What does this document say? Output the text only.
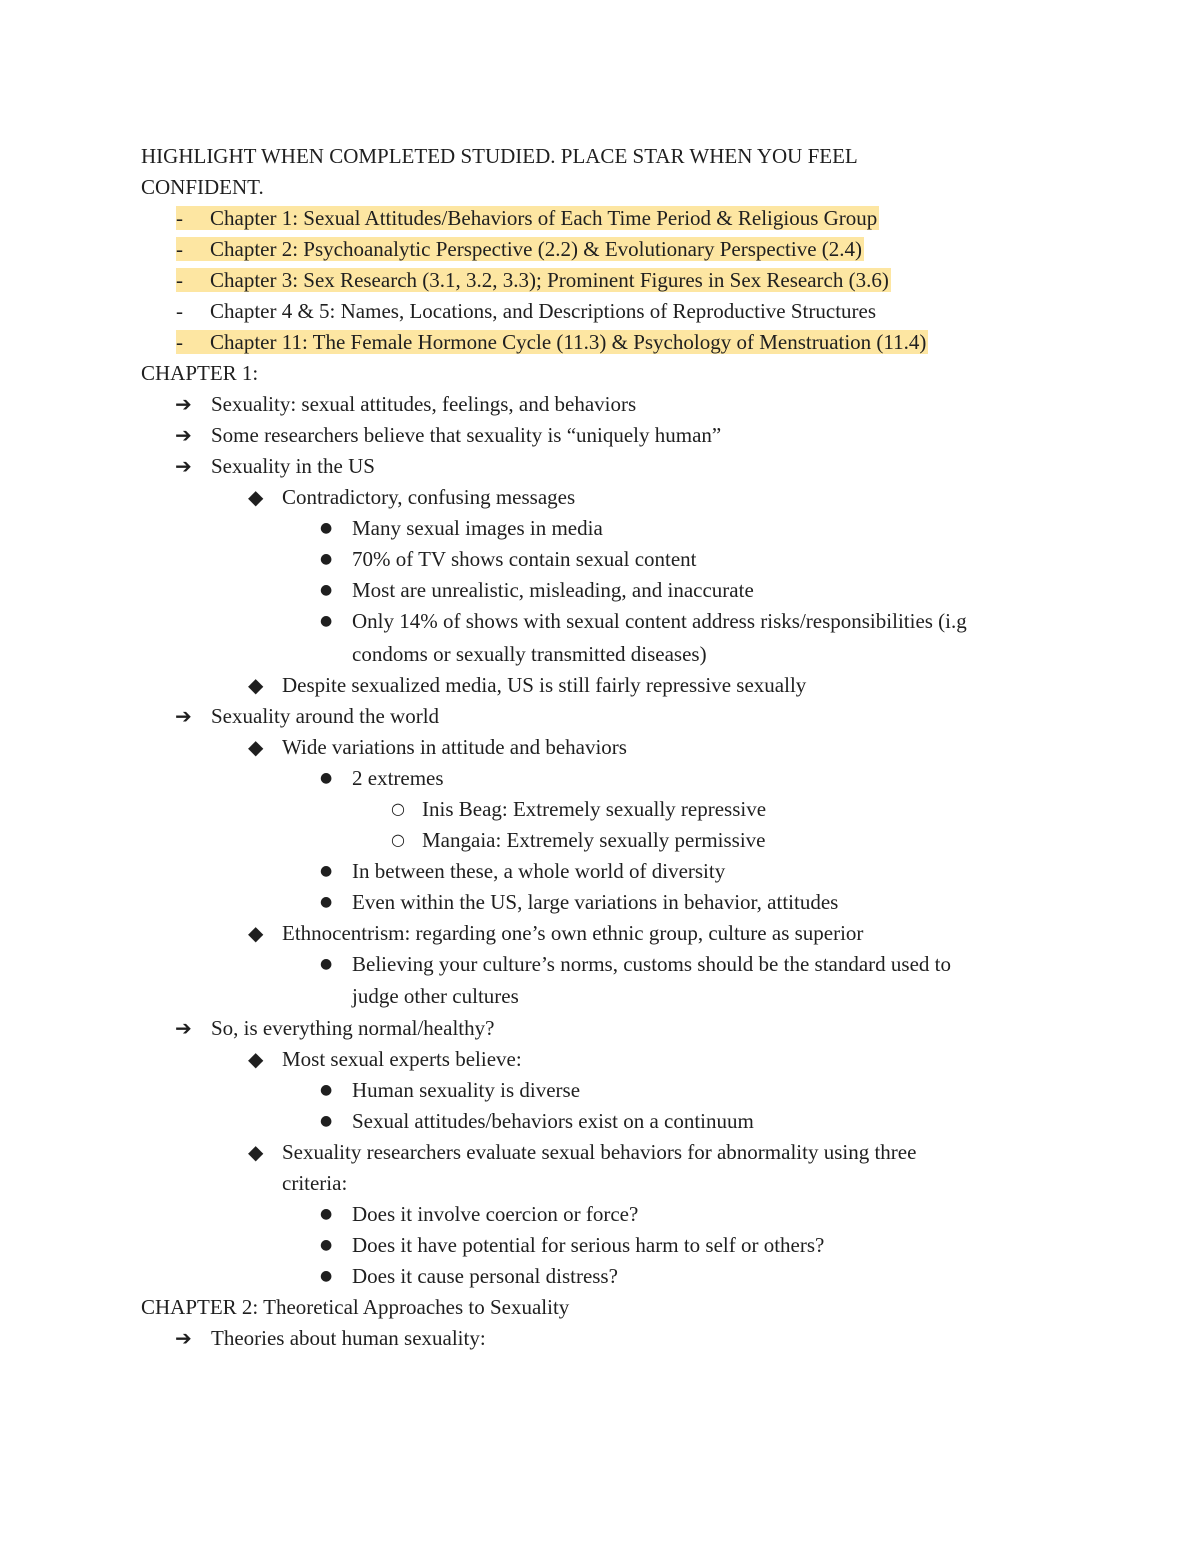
HIGHLIGHT WHEN COMPLETED STUDIED. PLACE STAR WHEN YOU FEEL
CONFIDENT.
- Chapter 1: Sexual Attitudes/Behaviors of Each Time Period & Religious Group
- Chapter 2: Psychoanalytic Perspective (2.2) & Evolutionary Perspective (2.4)
- Chapter 3: Sex Research (3.1, 3.2, 3.3); Prominent Figures in Sex Research (3.6)
- Chapter 4 & 5: Names, Locations, and Descriptions of Reproductive Structures
- Chapter 11: The Female Hormone Cycle (11.3) & Psychology of Menstruation (11.4)
CHAPTER 1:
➔ Sexuality: sexual attitudes, feelings, and behaviors
➔ Some researchers believe that sexuality is “uniquely human”
➔ Sexuality in the US
◆ Contradictory, confusing messages
● Many sexual images in media
● 70% of TV shows contain sexual content
● Most are unrealistic, misleading, and inaccurate
● Only 14% of shows with sexual content address risks/responsibilities (i.g
condoms or sexually transmitted diseases)
◆ Despite sexualized media, US is still fairly repressive sexually
➔ Sexuality around the world
◆ Wide variations in attitude and behaviors
● 2 extremes
○ Inis Beag: Extremely sexually repressive
○ Mangaia: Extremely sexually permissive
● In between these, a whole world of diversity
● Even within the US, large variations in behavior, attitudes
◆ Ethnocentrism: regarding one’s own ethnic group, culture as superior
● Believing your culture’s norms, customs should be the standard used to
judge other cultures
➔ So, is everything normal/healthy?
◆ Most sexual experts believe:
● Human sexuality is diverse
● Sexual attitudes/behaviors exist on a continuum
◆ Sexuality researchers evaluate sexual behaviors for abnormality using three
criteria:
● Does it involve coercion or force?
● Does it have potential for serious harm to self or others?
● Does it cause personal distress?
CHAPTER 2: Theoretical Approaches to Sexuality
➔ Theories about human sexuality:
